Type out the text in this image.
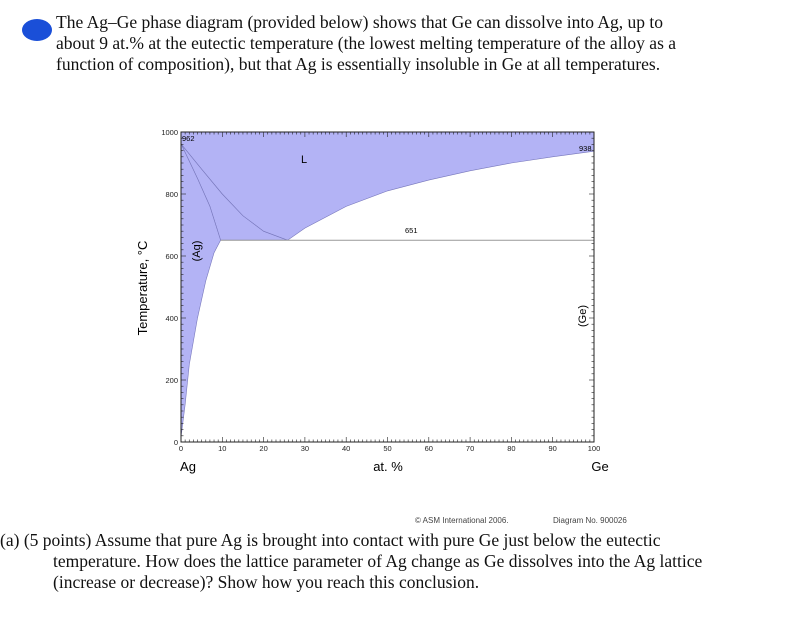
The Ag–Ge phase diagram (provided below) shows that Ge can dissolve into Ag, up to
about 9 at.% at the eutectic temperature (the lowest melting temperature of the alloy as a
function of composition), but that Ag is essentially insoluble in Ge at all temperatures.
0	10	20	30	40	50	60	70	80	90	100
0
200
400
600
800
1000
Temperature, °C
at. %
Ag	Ge
962
938
651
L
(Ag)
(Ge)
© ASM International 2006.	Diagram No. 900026
(a) (5 points) Assume that pure Ag is brought into contact with pure Ge just below the eutectic
temperature. How does the lattice parameter of Ag change as Ge dissolves into the Ag lattice
(increase or decrease)? Show how you reach this conclusion.
